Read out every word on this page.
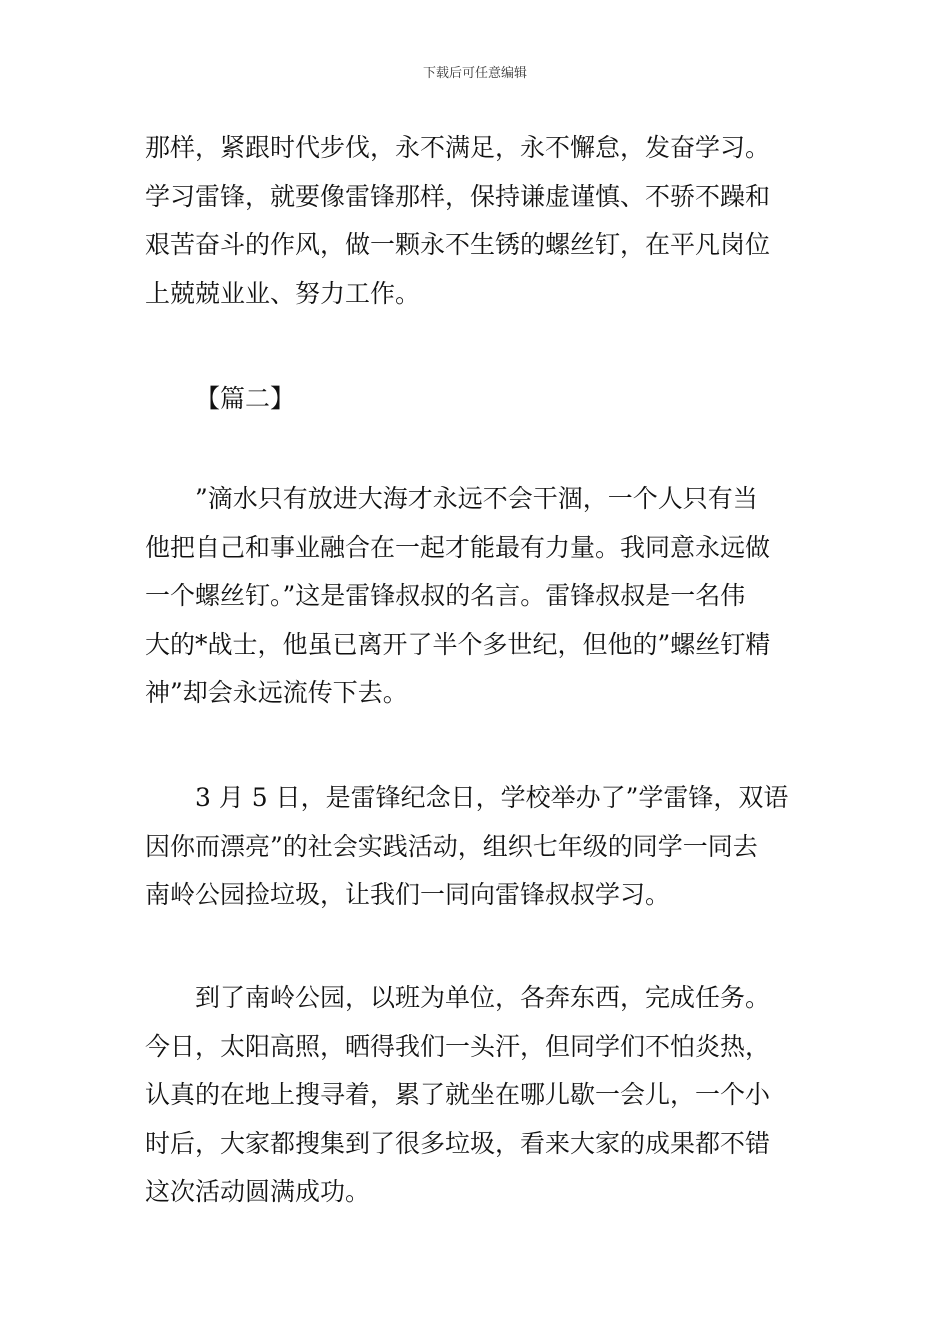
下载后可任意编辑

那样，紧跟时代步伐，永不满足，永不懈怠，发奋学习。

学习雷锋，就要像雷锋那样，保持谦虚谨慎、不骄不躁和

艰苦奋斗的作风，做一颗永不生锈的螺丝钉，在平凡岗位

上兢兢业业、努力工作。

【篇二】

”滴水只有放进大海才永远不会干涸，一个人只有当

他把自己和事业融合在一起才能最有力量。我同意永远做

一个螺丝钉。”这是雷锋叔叔的名言。雷锋叔叔是一名伟

大的*战士，他虽已离开了半个多世纪，但他的”螺丝钉精

神”却会永远流传下去。

3 月 5 日，是雷锋纪念日，学校举办了”学雷锋，双语

因你而漂亮”的社会实践活动，组织七年级的同学一同去

南岭公园捡垃圾，让我们一同向雷锋叔叔学习。

到了南岭公园，以班为单位，各奔东西，完成任务。

今日，太阳高照，晒得我们一头汗，但同学们不怕炎热，

认真的在地上搜寻着，累了就坐在哪儿歇一会儿，一个小

时后，大家都搜集到了很多垃圾，看来大家的成果都不错

这次活动圆满成功。
